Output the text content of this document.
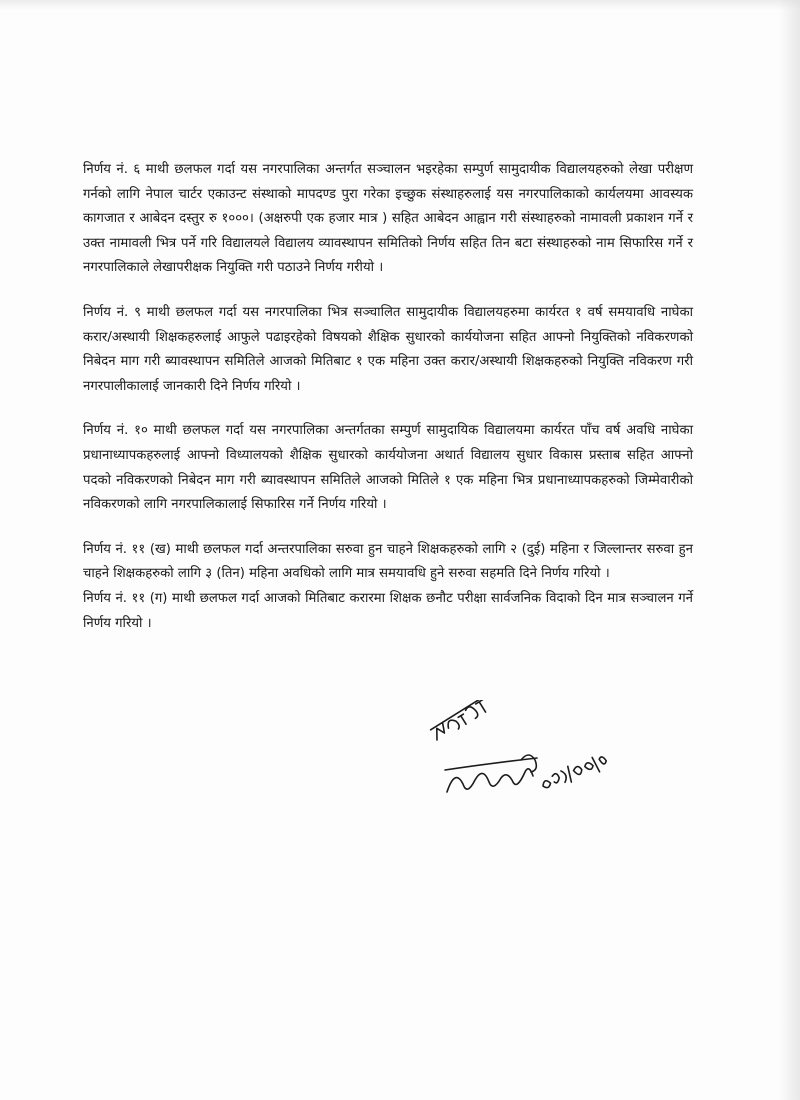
निर्णय नं. ६ माथी छलफल गर्दा यस नगरपालिका अन्तर्गत सञ्चालन भइरहेका सम्पुर्ण सामुदायीक विद्यालयहरुको लेखा परीक्षण गर्नको लागि नेपाल चार्टर एकाउन्ट संस्थाको मापदण्ड पुरा गरेका इच्छुक संस्थाहरुलाई यस नगरपालिकाको कार्यलयमा आवस्यक कागजात र आबेदन दस्तुर रु १०००। (अक्षरुपी एक हजार मात्र ) सहित आबेदन आह्वान गरी संस्थाहरुको नामावली प्रकाशन गर्ने र उक्त नामावली भित्र पर्ने गरि विद्यालयले विद्यालय व्यावस्थापन समितिको निर्णय सहित तिन बटा संस्थाहरुको नाम सिफारिस गर्ने र नगरपालिकाले लेखापरीक्षक नियुक्ति गरी पठाउने निर्णय गरीयो ।

निर्णय नं. ९ माथी छलफल गर्दा यस नगरपालिका भित्र सञ्चालित सामुदायीक विद्यालयहरुमा कार्यरत १ वर्ष समयावधि नाघेका करार/अस्थायी शिक्षकहरुलाई आफुले पढाइरहेको विषयको शैक्षिक सुधारको कार्ययोजना सहित आफ्नो नियुक्तिको नविकरणको निबेदन माग गरी ब्यावस्थापन समितिले आजको मितिबाट १ एक महिना उक्त करार/अस्थायी शिक्षकहरुको नियुक्ति नविकरण गरी नगरपालीकालाई जानकारी दिने निर्णय गरियो ।

निर्णय नं. १० माथी छलफल गर्दा यस नगरपालिका अन्तर्गतका सम्पुर्ण सामुदायिक विद्यालयमा कार्यरत पाँच वर्ष अवधि नाघेका प्रधानाध्यापकहरुलाई आफ्नो विध्यालयको शैक्षिक सुधारको कार्ययोजना अथार्त विद्यालय सुधार विकास प्रस्ताब सहित आफ्नो पदको नविकरणको निबेदन माग गरी ब्यावस्थापन समितिले आजको मितिले १ एक महिना भित्र प्रधानाध्यापकहरुको जिम्मेवारीको नविकरणको लागि नगरपालिकालाई सिफारिस गर्ने निर्णय गरियो ।

निर्णय नं. ११ (ख) माथी छलफल गर्दा अन्तरपालिका सरुवा हुन चाहने शिक्षकहरुको लागि २ (दुई) महिना र जिल्लान्तर सरुवा हुन चाहने शिक्षकहरुको लागि ३ (तिन) महिना अवधिको लागि मात्र समयावधि हुने सरुवा सहमति दिने निर्णय गरियो ।

निर्णय नं. ११ (ग) माथी छलफल गर्दा आजको मितिबाट करारमा शिक्षक छनौट परीक्षा सार्वजनिक विदाको दिन मात्र सञ्चालन गर्ने निर्णय गरियो ।
